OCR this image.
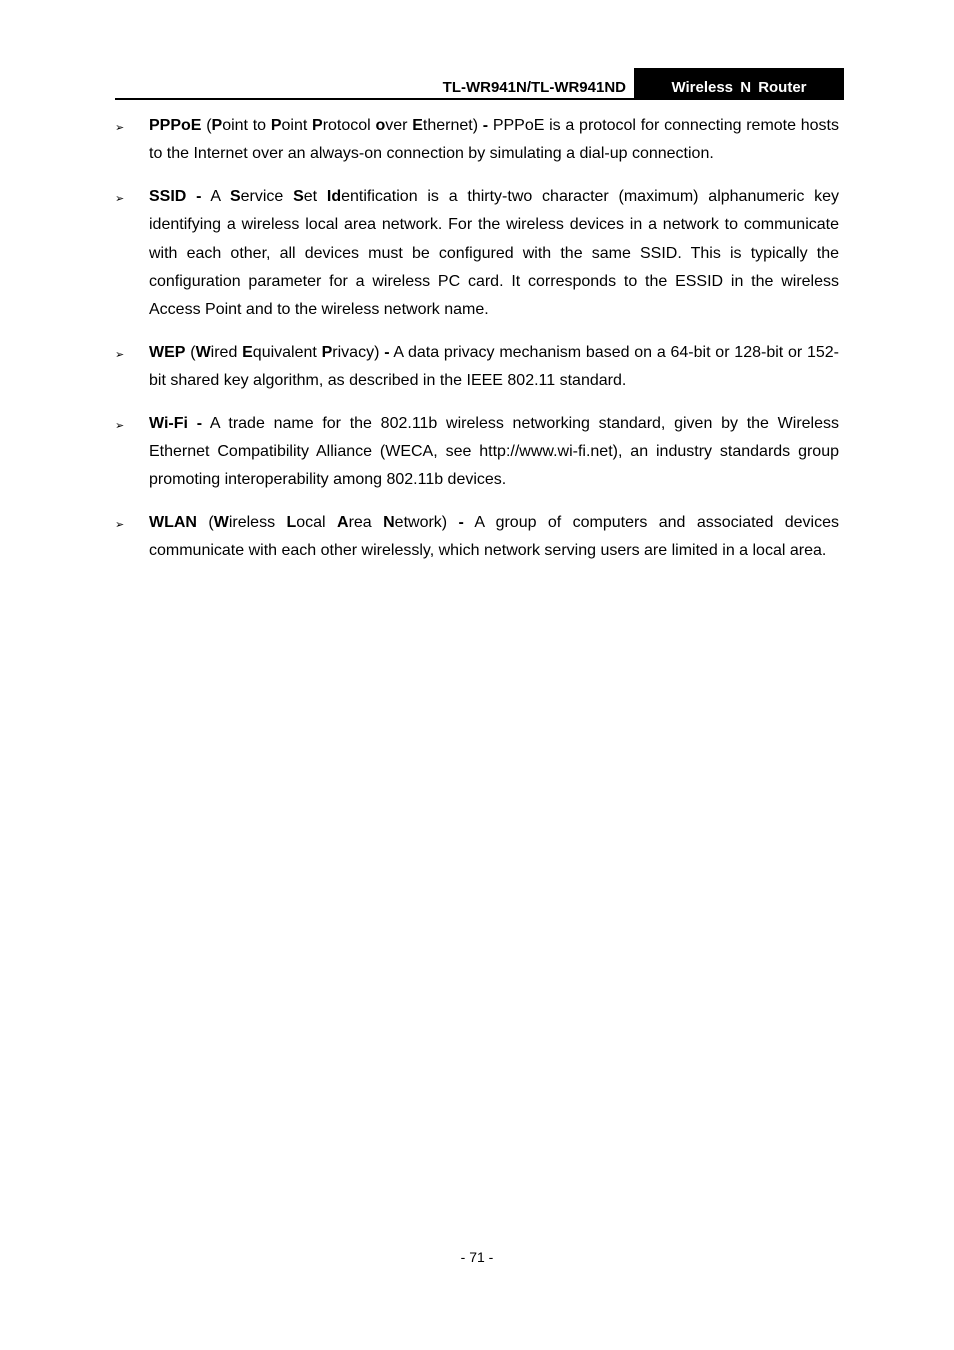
TL-WR941N/TL-WR941ND	Wireless N Router
➢ PPPoE (Point to Point Protocol over Ethernet) - PPPoE is a protocol for connecting remote hosts to the Internet over an always-on connection by simulating a dial-up connection.

➢ SSID - A Service Set Identification is a thirty-two character (maximum) alphanumeric key identifying a wireless local area network. For the wireless devices in a network to communicate with each other, all devices must be configured with the same SSID. This is typically the configuration parameter for a wireless PC card. It corresponds to the ESSID in the wireless Access Point and to the wireless network name.

➢ WEP (Wired Equivalent Privacy) - A data privacy mechanism based on a 64-bit or 128-bit or 152-bit shared key algorithm, as described in the IEEE 802.11 standard.

➢ Wi-Fi - A trade name for the 802.11b wireless networking standard, given by the Wireless Ethernet Compatibility Alliance (WECA, see http://www.wi-fi.net), an industry standards group promoting interoperability among 802.11b devices.

➢ WLAN (Wireless Local Area Network) - A group of computers and associated devices communicate with each other wirelessly, which network serving users are limited in a local area.

- 71 -
